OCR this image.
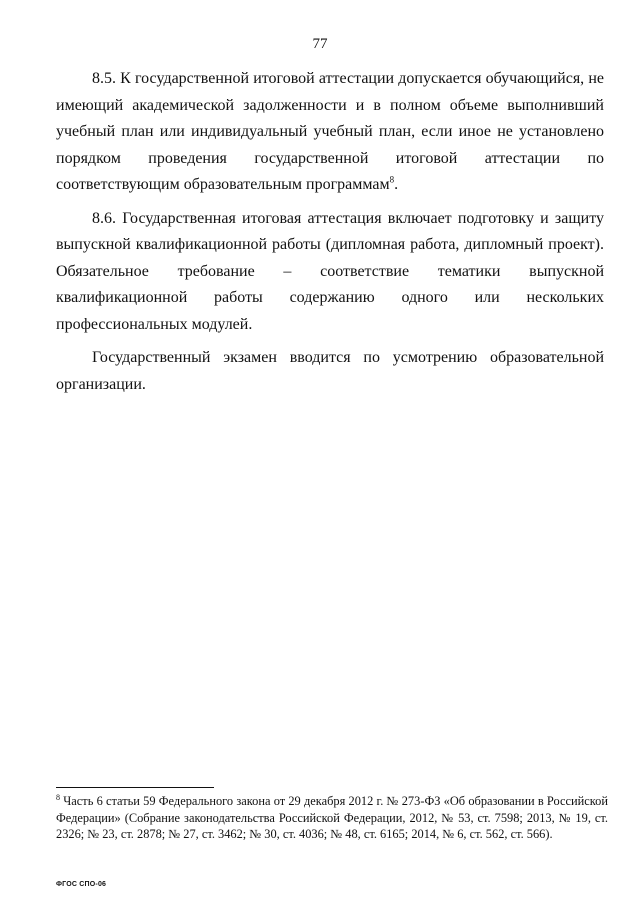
77

8.5. К государственной итоговой аттестации допускается обучающийся, не имеющий академической задолженности и в полном объеме выполнивший учебный план или индивидуальный учебный план, если иное не установлено порядком проведения государственной итоговой аттестации по соответствующим образовательным программам$^8$.

8.6. Государственная итоговая аттестация включает подготовку и защиту выпускной квалификационной работы (дипломная работа, дипломный проект). Обязательное требование – соответствие тематики выпускной квалификационной работы содержанию одного или нескольких профессиональных модулей.

Государственный экзамен вводится по усмотрению образовательной организации.

$^8$ Часть 6 статьи 59 Федерального закона от 29 декабря 2012 г. № 273-ФЗ «Об образовании в Российской Федерации» (Собрание законодательства Российской Федерации, 2012, № 53, ст. 7598; 2013, № 19, ст. 2326; № 23, ст. 2878; № 27, ст. 3462; № 30, ст. 4036; № 48, ст. 6165; 2014, № 6, ст. 562, ст. 566).

ФГОС СПО-06
